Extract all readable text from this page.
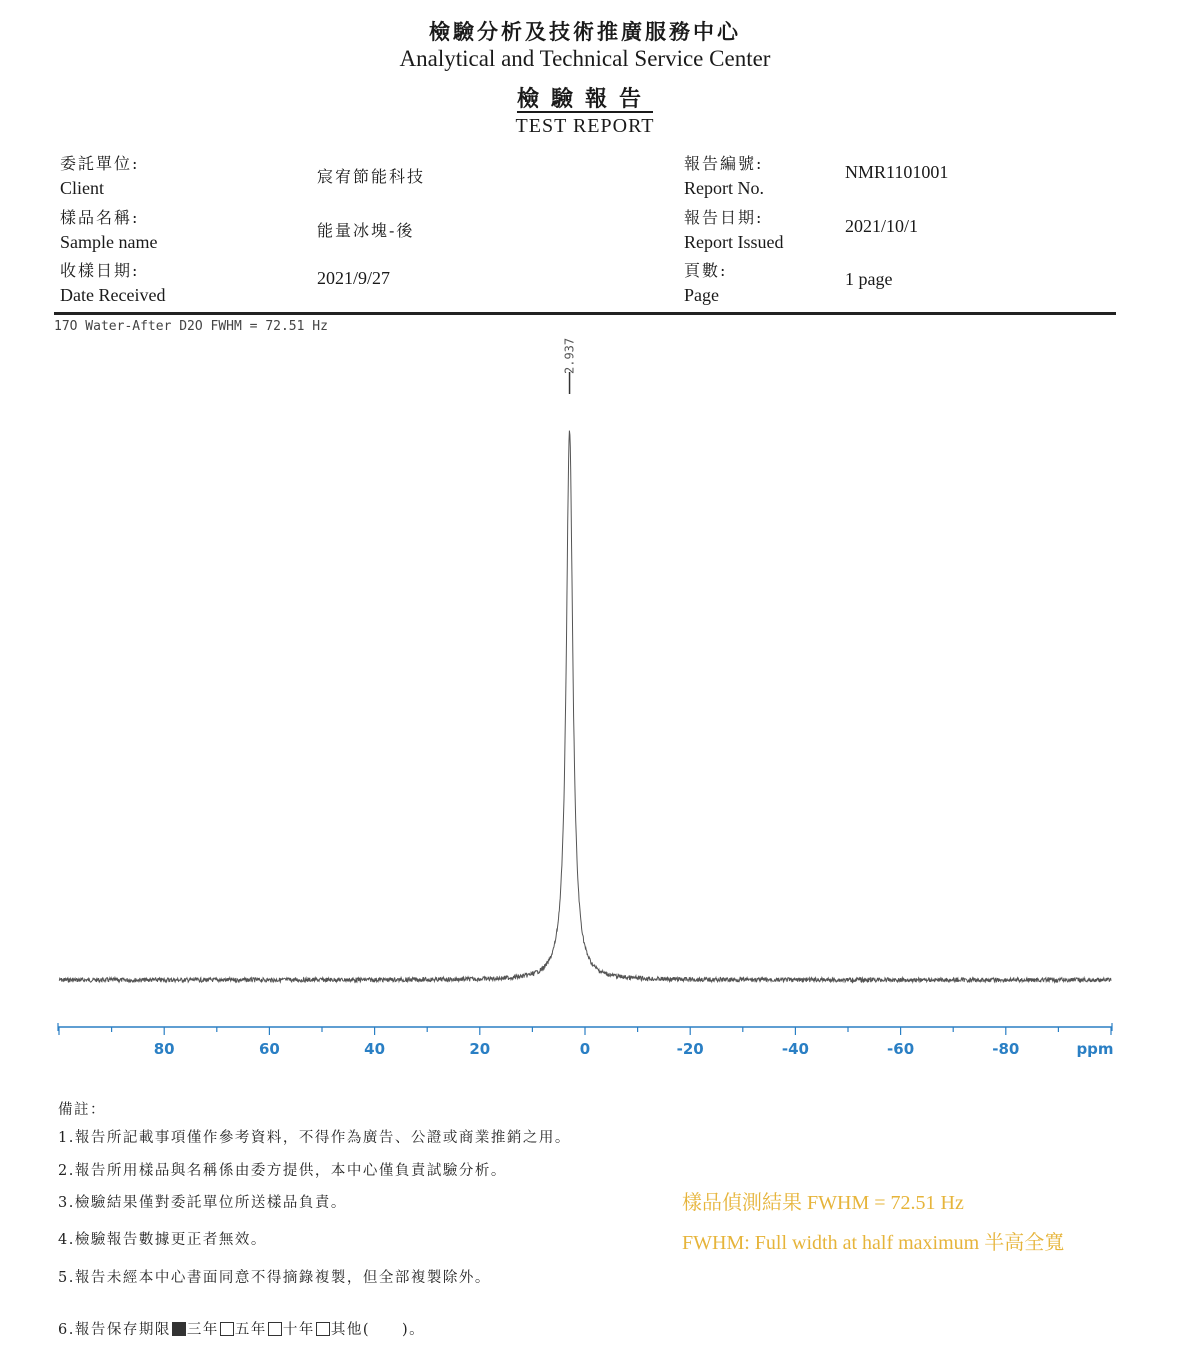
檢驗分析及技術推廣服務中心
Analytical and Technical Service Center
檢驗報告
TEST REPORT
委託單位:
Client
宸宥節能科技
樣品名稱:
Sample name
能量冰塊-後
收樣日期:
Date Received
2021/9/27
報告編號:
Report No.
NMR1101001
報告日期:
Report Issued
2021/10/1
頁數:
Page
1 page
17O Water-After D2O FWHM = 72.51 Hz
2.937
80	60	40	20	0	-20	-40	-60	-80	ppm
備註：
1.報告所記載事項僅作參考資料，不得作為廣告、公證或商業推銷之用。
2.報告所用樣品與名稱係由委方提供，本中心僅負責試驗分析。
3.檢驗結果僅對委託單位所送樣品負責。
4.檢驗報告數據更正者無效。
5.報告未經本中心書面同意不得摘錄複製，但全部複製除外。
6.報告保存期限 三年 五年 十年 其他(　　)。
樣品偵測結果 FWHM = 72.51 Hz
FWHM: Full width at half maximum 半高全寬
